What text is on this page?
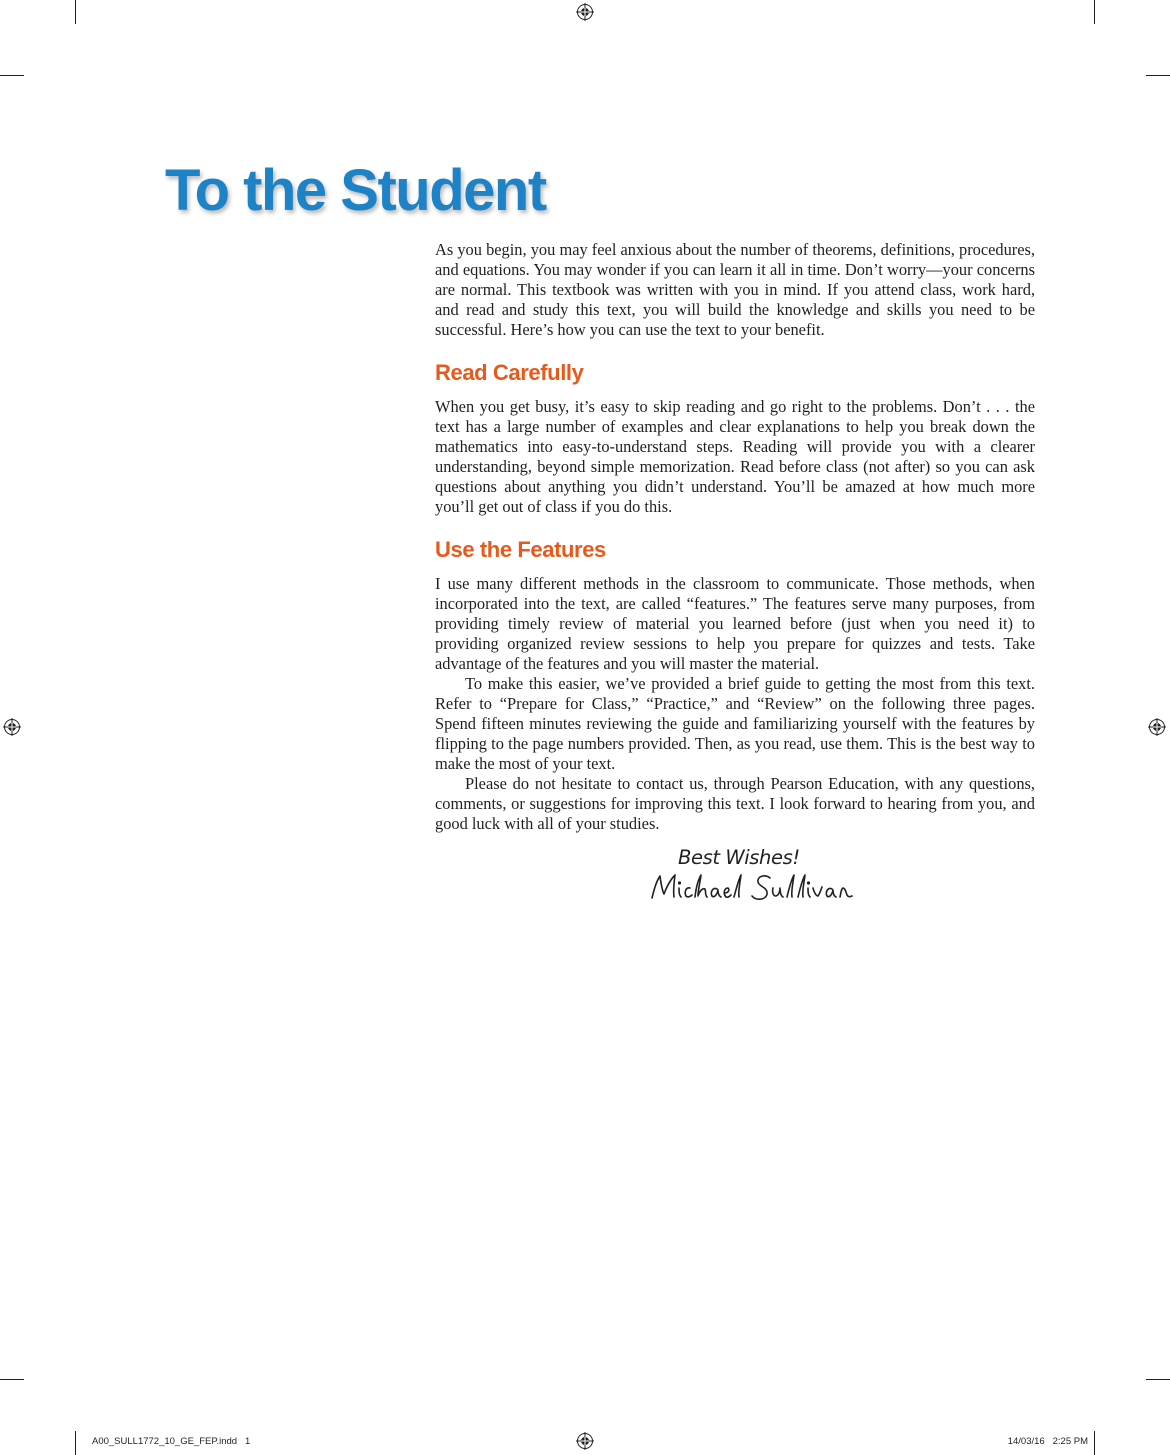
To the Student

As you begin, you may feel anxious about the number of theorems, definitions, procedures, and equations. You may wonder if you can learn it all in time. Don’t worry—your concerns are normal. This textbook was written with you in mind. If you attend class, work hard, and read and study this text, you will build the knowledge and skills you need to be successful. Here’s how you can use the text to your benefit.

Read Carefully

When you get busy, it’s easy to skip reading and go right to the problems. Don’t . . . the text has a large number of examples and clear explanations to help you break down the mathematics into easy-to-understand steps. Reading will provide you with a clearer understanding, beyond simple memorization. Read before class (not after) so you can ask questions about anything you didn’t understand. You’ll be amazed at how much more you’ll get out of class if you do this.

Use the Features

I use many different methods in the classroom to communicate. Those methods, when incorporated into the text, are called “features.” The features serve many purposes, from providing timely review of material you learned before (just when you need it) to providing organized review sessions to help you prepare for quizzes and tests. Take advantage of the features and you will master the material.

To make this easier, we’ve provided a brief guide to getting the most from this text. Refer to “Prepare for Class,” “Practice,” and “Review” on the following three pages. Spend fifteen minutes reviewing the guide and familiarizing yourself with the features by flipping to the page numbers provided. Then, as you read, use them. This is the best way to make the most of your text.

Please do not hesitate to contact us, through Pearson Education, with any questions, comments, or suggestions for improving this text. I look forward to hearing from you, and good luck with all of your studies.

Best Wishes!
A00_SULL1772_10_GE_FEP.indd   1	14/03/16   2:25 PM
